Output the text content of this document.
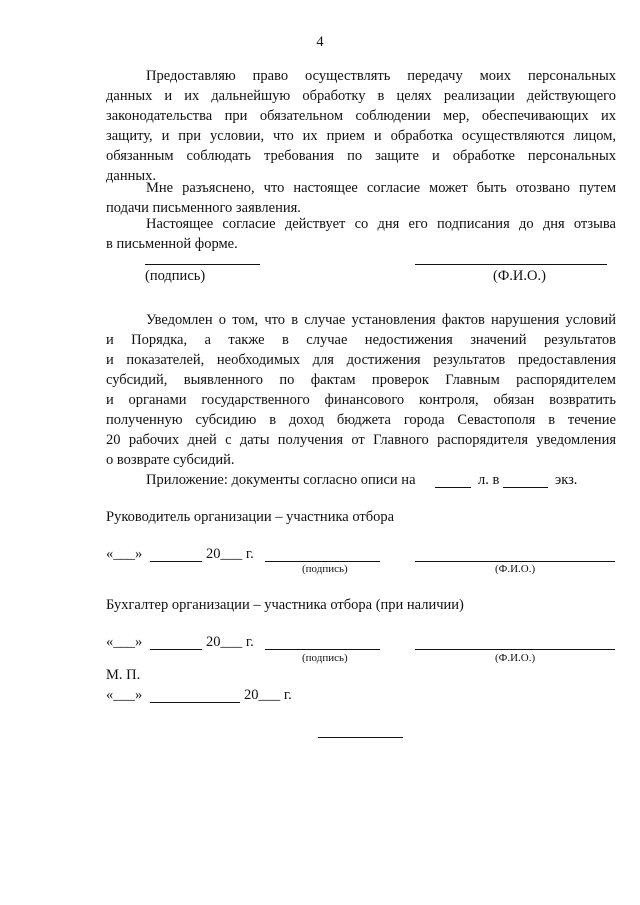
4
Предоставляю право осуществлять передачу моих персональных
данных и их дальнейшую обработку в целях реализации действующего
законодательства при обязательном соблюдении мер, обеспечивающих их
защиту, и при условии, что их прием и обработка осуществляются лицом,
обязанным соблюдать требования по защите и обработке персональных
данных.
Мне разъяснено, что настоящее согласие может быть отозвано путем
подачи письменного заявления.
Настоящее согласие действует со дня его подписания до дня отзыва
в письменной форме.
(подпись)	(Ф.И.О.)
Уведомлен о том, что в случае установления фактов нарушения условий
и Порядка, а также в случае недостижения значений результатов
и показателей, необходимых для достижения результатов предоставления
субсидий, выявленного по фактам проверок Главным распорядителем
и органами государственного финансового контроля, обязан возвратить
полученную субсидию в доход бюджета города Севастополя в течение
20 рабочих дней с даты получения от Главного распорядителя уведомления
о возврате субсидий.
Приложение: документы согласно описи на	л. в	экз.
Руководитель организации – участника отбора
«___»	20___ г.
(подпись)	(Ф.И.О.)
Бухгалтер организации – участника отбора (при наличии)
«___»	20___ г.
(подпись)	(Ф.И.О.)
М. П.
«___»	20___ г.
